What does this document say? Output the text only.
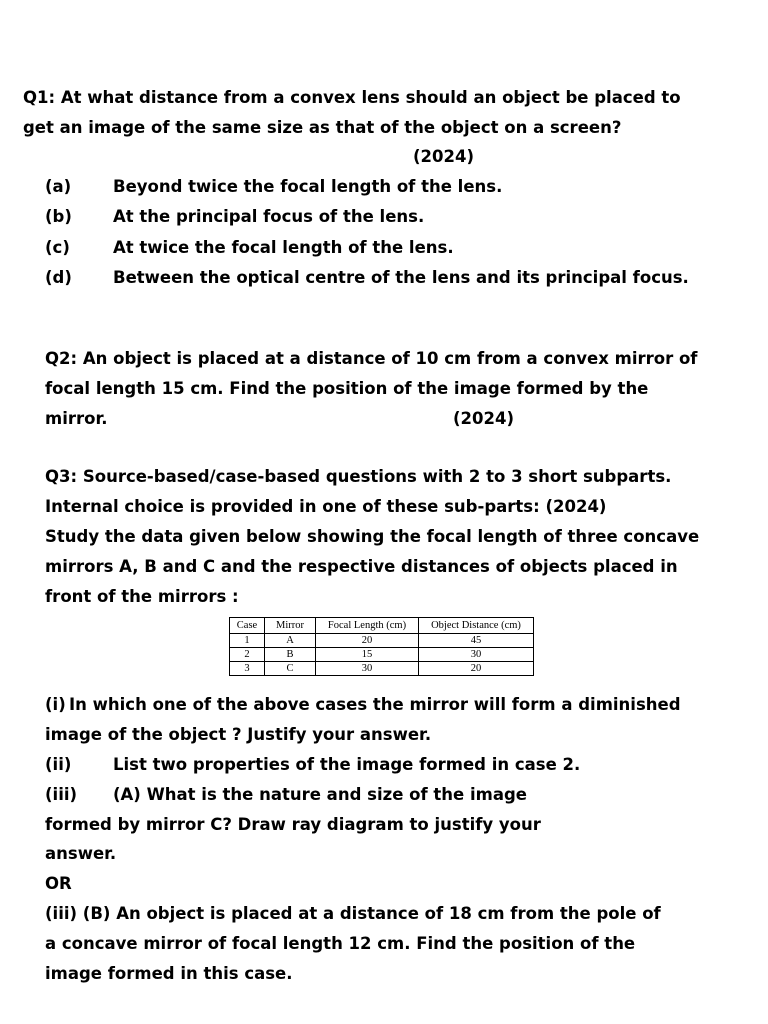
Q1: At what distance from a convex lens should an object be placed to
get an image of the same size as that of the object on a screen?
(2024)
(a)	Beyond twice the focal length of the lens.
(b) At the principal focus of the lens.
(c)	At twice the focal length of the lens.
(d) Between the optical centre of the lens and its principal focus.
Q2: An object is placed at a distance of 10 cm from a convex mirror of
focal length 15 cm. Find the position of the image formed by the
mirror.	(2024)
Q3: Source-based/case-based questions with 2 to 3 short subparts.
Internal choice is provided in one of these sub-parts: (2024)
Study the data given below showing the focal length of three concave
mirrors A, B and C and the respective distances of objects placed in
front of the mirrors :
Case	Mirror	Focal Length (cm)	Object Distance (cm)
1	A	20	45
2	B	15	30
3	C	30	20
(i) In which one of the above cases the mirror will form a diminished
image of the object ? Justify your answer.
(ii)	List two properties of the image formed in case 2.
(iii) (A) What is the nature and size of the image
formed by mirror C? Draw ray diagram to justify your
answer.
OR
(iii) (B) An object is placed at a distance of 18 cm from the pole of
a concave mirror of focal length 12 cm. Find the position of the
image formed in this case.
